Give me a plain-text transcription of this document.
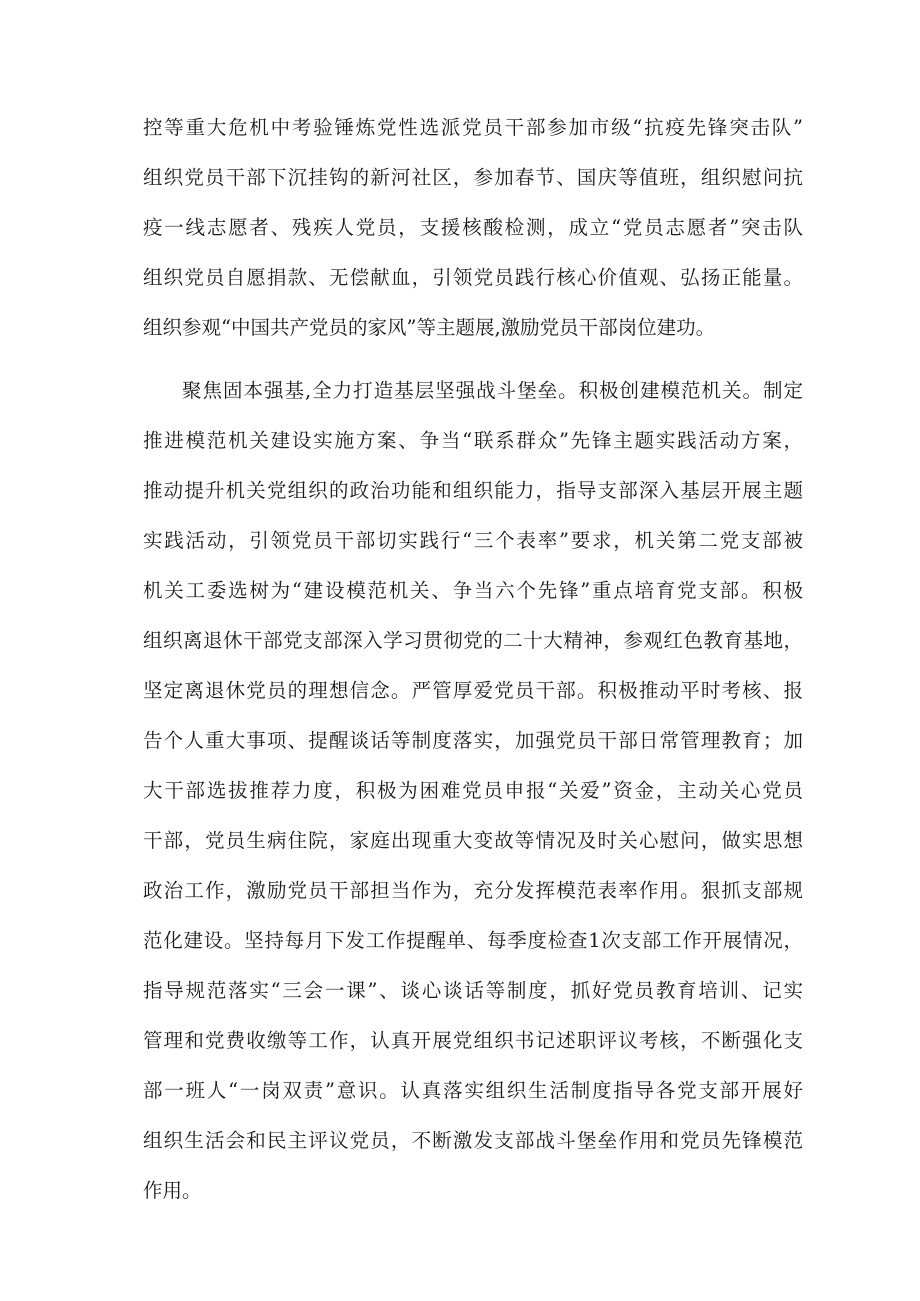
控等重大危机中考验锤炼党性选派党员干部参加市级“抗疫先锋突击队”
组织党员干部下沉挂钩的新河社区，参加春节、国庆等值班，组织慰问抗
疫一线志愿者、残疾人党员，支援核酸检测，成立“党员志愿者”突击队
组织党员自愿捐款、无偿献血，引领党员践行核心价值观、弘扬正能量。
组织参观“中国共产党员的家风”等主题展,激励党员干部岗位建功。
聚焦固本强基,全力打造基层坚强战斗堡垒。积极创建模范机关。制定
推进模范机关建设实施方案、争当“联系群众”先锋主题实践活动方案，
推动提升机关党组织的政治功能和组织能力，指导支部深入基层开展主题
实践活动，引领党员干部切实践行“三个表率”要求，机关第二党支部被
机关工委选树为“建设模范机关、争当六个先锋”重点培育党支部。积极
组织离退休干部党支部深入学习贯彻党的二十大精神，参观红色教育基地，
坚定离退休党员的理想信念。严管厚爱党员干部。积极推动平时考核、报
告个人重大事项、提醒谈话等制度落实，加强党员干部日常管理教育；加
大干部选拔推荐力度，积极为困难党员申报“关爱”资金，主动关心党员
干部，党员生病住院，家庭出现重大变故等情况及时关心慰问，做实思想
政治工作，激励党员干部担当作为，充分发挥模范表率作用。狠抓支部规
范化建设。坚持每月下发工作提醒单、每季度检查1次支部工作开展情况，
指导规范落实“三会一课”、谈心谈话等制度，抓好党员教育培训、记实
管理和党费收缴等工作，认真开展党组织书记述职评议考核，不断强化支
部一班人“一岗双责”意识。认真落实组织生活制度指导各党支部开展好
组织生活会和民主评议党员，不断激发支部战斗堡垒作用和党员先锋模范
作用。
